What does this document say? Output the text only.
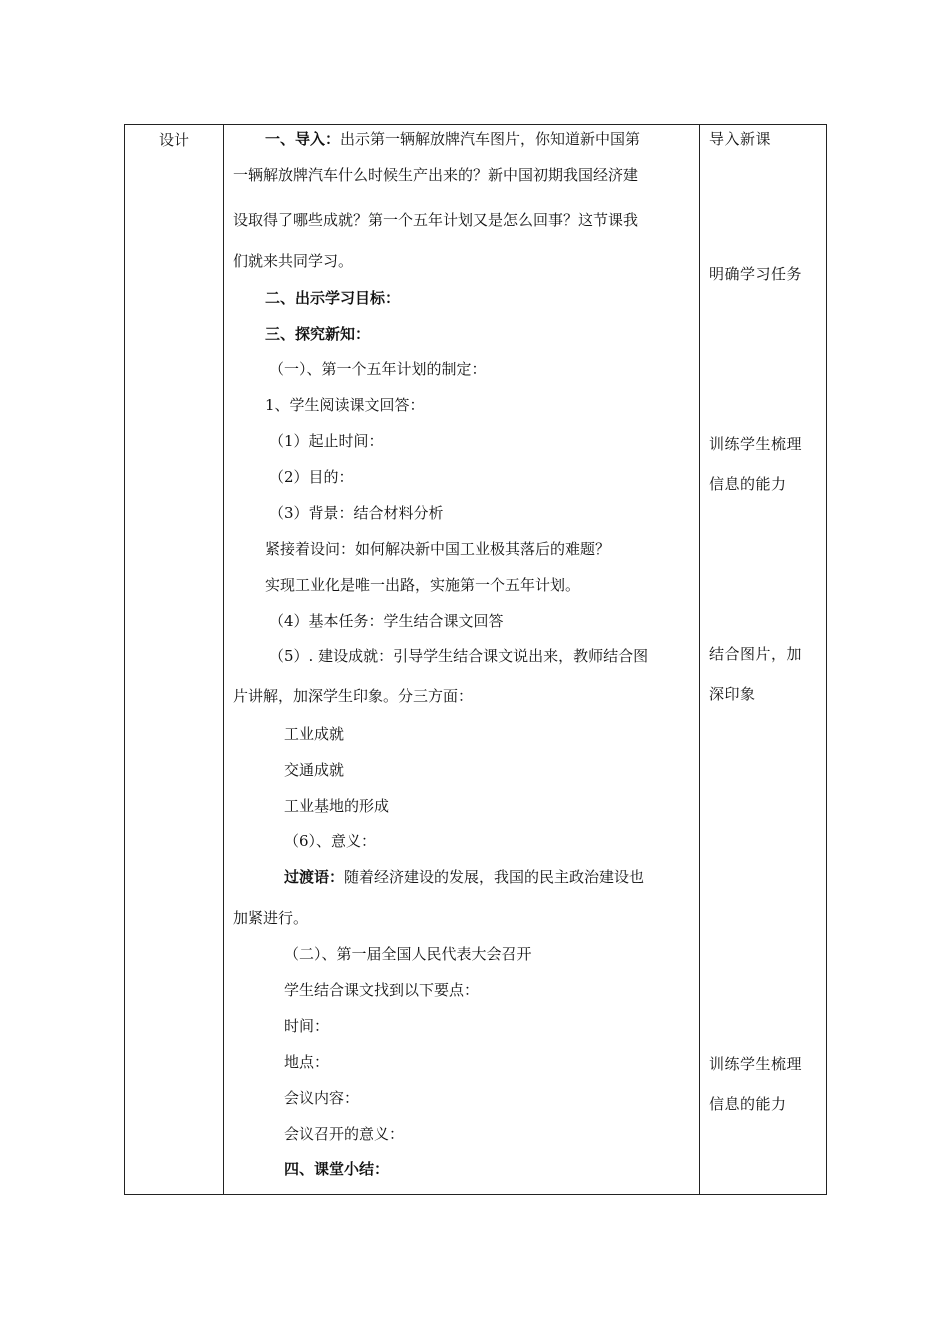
设计	一、导入：出示第一辆解放牌汽车图片，你知道新中国第
一辆解放牌汽车什么时候生产出来的？新中国初期我国经济建
设取得了哪些成就？第一个五年计划又是怎么回事？这节课我
们就来共同学习。
二、出示学习目标：
三、探究新知：
（一）、第一个五年计划的制定：
1、学生阅读课文回答：
（1）起止时间：
（2）目的：
（3）背景：结合材料分析
紧接着设问：如何解决新中国工业极其落后的难题？
实现工业化是唯一出路，实施第一个五年计划。
（4）基本任务：学生结合课文回答
（5）. 建设成就：引导学生结合课文说出来，教师结合图
片讲解，加深学生印象。分三方面：
工业成就
交通成就
工业基地的形成
（6）、意义：
过渡语：随着经济建设的发展，我国的民主政治建设也
加紧进行。
（二）、第一届全国人民代表大会召开
学生结合课文找到以下要点：
时间：
地点：
会议内容：
会议召开的意义：
四、课堂小结：
导入新课
明确学习任务
训练学生梳理
信息的能力
结合图片，加
深印象
训练学生梳理
信息的能力
